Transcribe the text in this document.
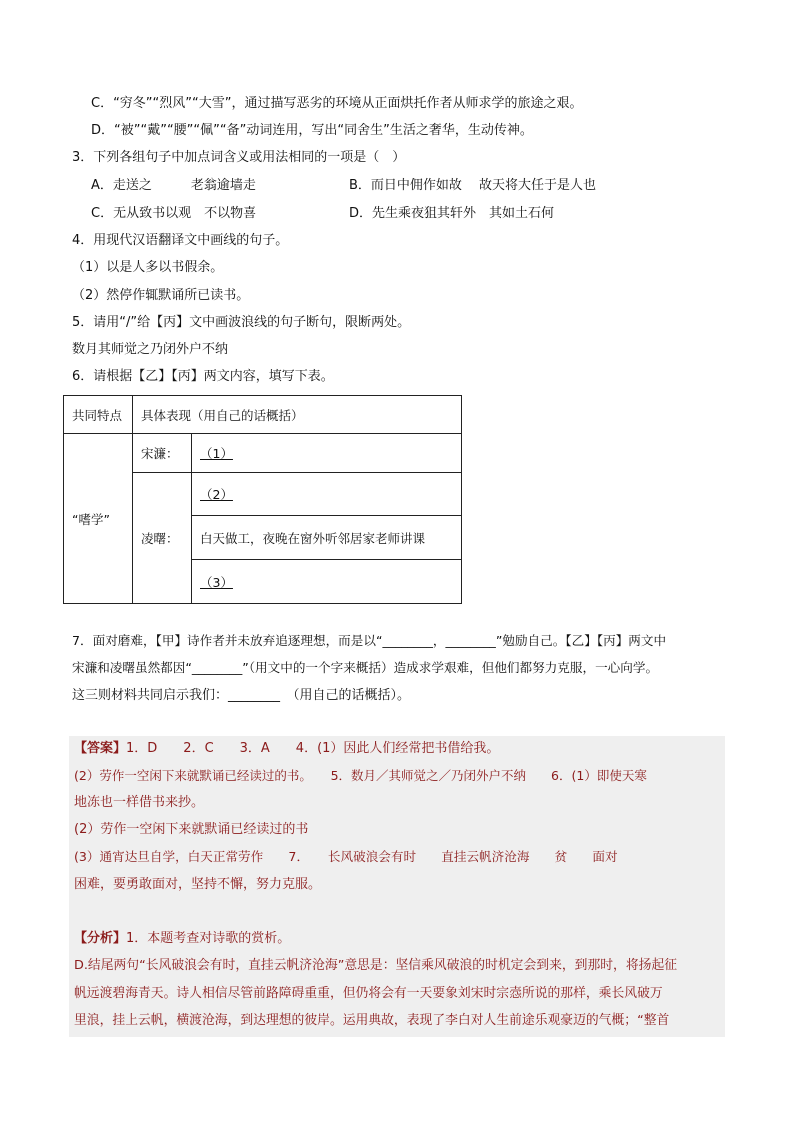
C．“穷冬”“烈风”“大雪”，通过描写恶劣的环境从正面烘托作者从师求学的旅途之艰。
D．“被”“戴”“腰”“佩”“备”动词连用，写出“同舍生”生活之奢华，生动传神。
3．下列各组句子中加点词含义或用法相同的一项是（　）
A．走送之　　　老翁逾墙走	B．而日中佣作如故　 故天将大任于是人也
C．无从致书以观　不以物喜	D．先生乘夜狙其轩外　其如土石何
4．用现代汉语翻译文中画线的句子。
（1）以是人多以书假余。
（2）然停作辄默诵所已读书。
5．请用“/”给【丙】文中画波浪线的句子断句，限断两处。
数月其师觉之乃闭外户不纳
6．请根据【乙】【丙】两文内容，填写下表。
共同特点	具体表现（用自己的话概括）	
“嗜学”	宋濂：	（1）
	凌曙：	（2）
		白天做工，夜晚在窗外听邻居家老师讲课
		（3）
7．面对磨难，【甲】诗作者并未放弃追逐理想，而是以“________，________”勉励自己。【乙】【丙】两文中
宋濂和凌曙虽然都因“________”（用文中的一个字来概括）造成求学艰难，但他们都努力克服，一心向学。
这三则材料共同启示我们：________　（用自己的话概括）。
【答案】1．D　　2．C　　3．A　　4．(1）因此人们经常把书借给我。
(2）劳作一空闲下来就默诵已经读过的书。　　5．数月／其师觉之／乃闭外户不纳　　6．(1）即使天寒
地冻也一样借书来抄。
(2）劳作一空闲下来就默诵已经读过的书
(3）通宵达旦自学，白天正常劳作　　7．　　长风破浪会有时　　直挂云帆济沧海　　贫　　面对
困难，要勇敢面对，坚持不懈，努力克服。
【分析】1．本题考查对诗歌的赏析。
D.结尾两句“长风破浪会有时，直挂云帆济沧海”意思是：坚信乘风破浪的时机定会到来，到那时，将扬起征
帆远渡碧海青天。诗人相信尽管前路障碍重重，但仍将会有一天要象刘宋时宗悫所说的那样，乘长风破万
里浪，挂上云帆，横渡沧海，到达理想的彼岸。运用典故，表现了李白对人生前途乐观豪迈的气概；“整首
